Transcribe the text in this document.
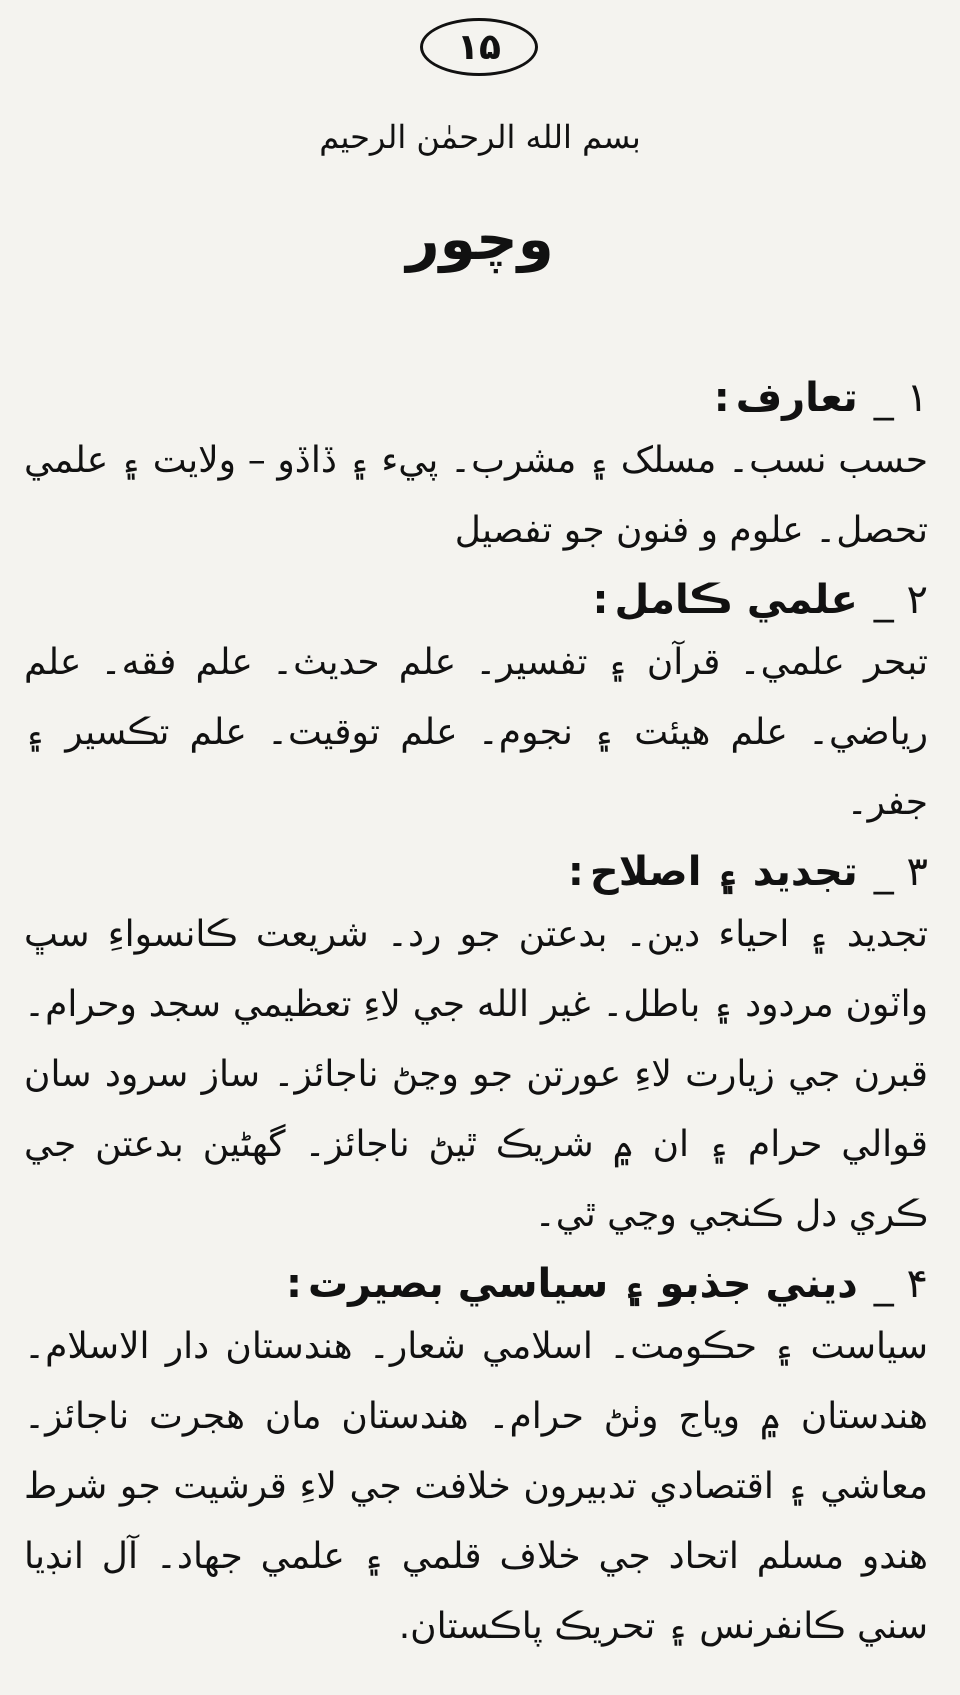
۱۵
بسم الله الرحمٰن الرحيم
وچور
۱ _
تعارف
:

حسب نسب۔ مسلک ۽ مشرب۔ پيء ۽ ڏاڏو – ولايت ۽ علمي تحصل۔ علوم و فنون جو تفصيل

۲ _
علمي ڪامل
:

تبحر علمي۔ قرآن ۽ تفسير۔ علم حديث۔ علم فقه۔ علم رياضي۔ علم هيئت ۽ نجوم۔ علم توقيت۔ علم تڪسير ۽ جفر۔

۳ _
تجديد ۽ اصلاح
:

تجديد ۽ احياء دين۔ بدعتن جو رد۔ شريعت ڪانسواءِ سڀ واٽون مردود ۽ باطل۔ غير الله جي لاءِ تعظيمي سجد وحرام۔ قبرن جي زيارت لاءِ عورتن جو وڃڻ ناجائز۔ ساز سرود سان قوالي حرام ۽ ان ۾ شريڪ ٿيڻ ناجائز۔ گهڻين بدعتن جي ڪري دل ڪنجي وڃي ٿي۔

۴ _
ديني جذبو ۽ سياسي بصيرت
:

سياست ۽ حڪومت۔ اسلامي شعار۔ هندستان دار الاسلام۔ هندستان ۾ وياج وٺڻ حرام۔ هندستان مان هجرت ناجائز۔ معاشي ۽ اقتصادي تدبيرون خلافت جي لاءِ قرشيت جو شرط هندو مسلم اتحاد جي خلاف قلمي ۽ علمي جهاد۔ آل انڊيا سني ڪانفرنس ۽ تحريڪ پاڪستان.
